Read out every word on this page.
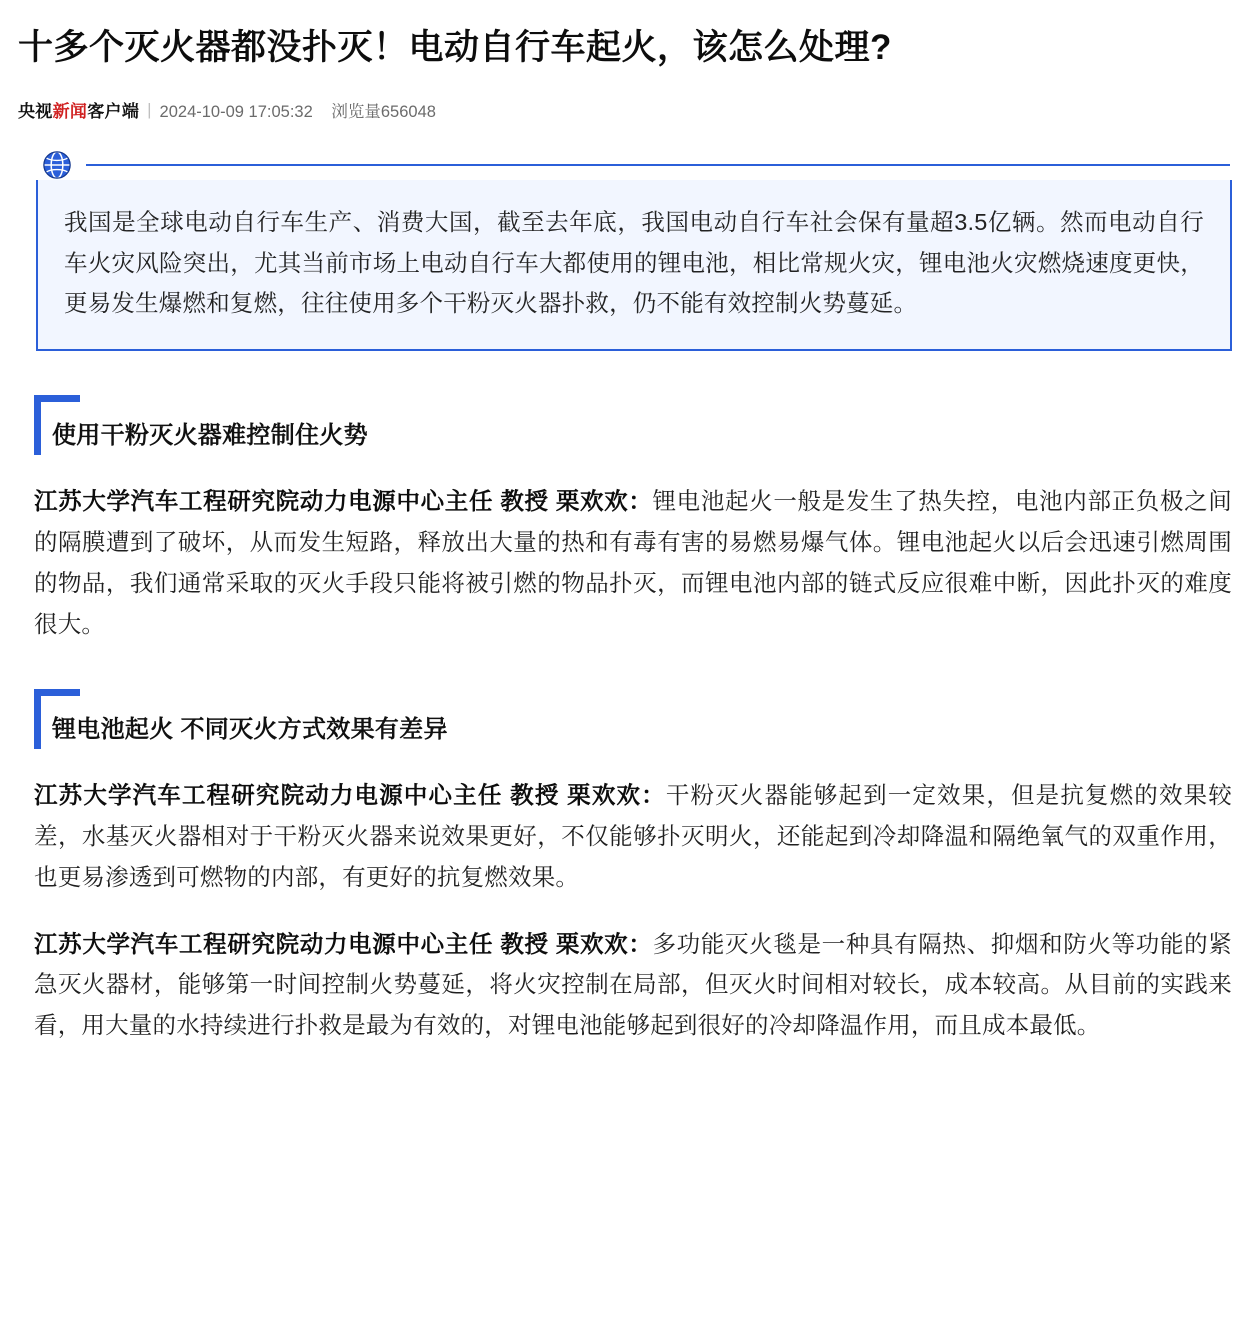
十多个灭火器都没扑灭！电动自行车起火，该怎么处理?
央视新闻客户端 | 2024-10-09 17:05:32 浏览量656048

我国是全球电动自行车生产、消费大国，截至去年底，我国电动自行车社会保有量超3.5亿辆。然而电动自行车火灾风险突出，尤其当前市场上电动自行车大都使用的锂电池，相比常规火灾，锂电池火灾燃烧速度更快，更易发生爆燃和复燃，往往使用多个干粉灭火器扑救，仍不能有效控制火势蔓延。

使用干粉灭火器难控制住火势

江苏大学汽车工程研究院动力电源中心主任 教授 栗欢欢：锂电池起火一般是发生了热失控，电池内部正负极之间的隔膜遭到了破坏，从而发生短路，释放出大量的热和有毒有害的易燃易爆气体。锂电池起火以后会迅速引燃周围的物品，我们通常采取的灭火手段只能将被引燃的物品扑灭，而锂电池内部的链式反应很难中断，因此扑灭的难度很大。

锂电池起火 不同灭火方式效果有差异

江苏大学汽车工程研究院动力电源中心主任 教授 栗欢欢：干粉灭火器能够起到一定效果，但是抗复燃的效果较差，水基灭火器相对于干粉灭火器来说效果更好，不仅能够扑灭明火，还能起到冷却降温和隔绝氧气的双重作用，也更易渗透到可燃物的内部，有更好的抗复燃效果。

江苏大学汽车工程研究院动力电源中心主任 教授 栗欢欢：多功能灭火毯是一种具有隔热、抑烟和防火等功能的紧急灭火器材，能够第一时间控制火势蔓延，将火灾控制在局部，但灭火时间相对较长，成本较高。从目前的实践来看，用大量的水持续进行扑救是最为有效的，对锂电池能够起到很好的冷却降温作用，而且成本最低。
